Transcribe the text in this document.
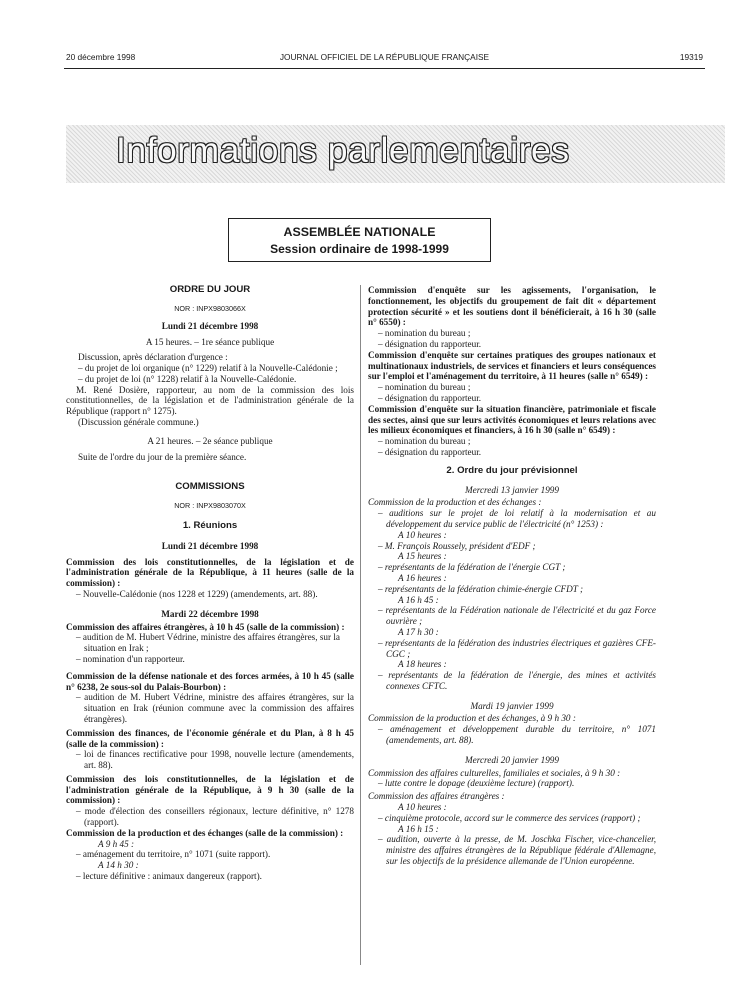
20 décembre 1998	JOURNAL OFFICIEL DE LA RÉPUBLIQUE FRANÇAISE	19319
Informations parlementaires
ASSEMBLÉE NATIONALE
Session ordinaire de 1998-1999

ORDRE DU JOUR

NOR : INPX9803066X

Lundi 21 décembre 1998

A 15 heures. – 1re séance publique

Discussion, après déclaration d'urgence :

– du projet de loi organique (n° 1229) relatif à la Nouvelle-Calédonie ;

– du projet de loi (n° 1228) relatif à la Nouvelle-Calédonie.

M. René Dosière, rapporteur, au nom de la commission des lois constitutionnelles, de la législation et de l'administration générale de la République (rapport n° 1275).

(Discussion générale commune.)

A 21 heures. – 2e séance publique

Suite de l'ordre du jour de la première séance.

COMMISSIONS

NOR : INPX9803070X

1. Réunions

Lundi 21 décembre 1998

Commission des lois constitutionnelles, de la législation et de l'administration générale de la République, à 11 heures (salle de la commission) :

– Nouvelle-Calédonie (nos 1228 et 1229) (amendements, art. 88).

Mardi 22 décembre 1998

Commission des affaires étrangères, à 10 h 45 (salle de la commission) :

– audition de M. Hubert Védrine, ministre des affaires étrangères, sur la situation en Irak ;

– nomination d'un rapporteur.

Commission de la défense nationale et des forces armées, à 10 h 45 (salle n° 6238, 2e sous-sol du Palais-Bourbon) :

– audition de M. Hubert Védrine, ministre des affaires étrangères, sur la situation en Irak (réunion commune avec la commission des affaires étrangères).

Commission des finances, de l'économie générale et du Plan, à 8 h 45 (salle de la commission) :

– loi de finances rectificative pour 1998, nouvelle lecture (amendements, art. 88).

Commission des lois constitutionnelles, de la législation et de l'administration générale de la République, à 9 h 30 (salle de la commission) :

– mode d'élection des conseillers régionaux, lecture définitive, n° 1278 (rapport).

Commission de la production et des échanges (salle de la commission) :

A 9 h 45 :

– aménagement du territoire, n° 1071 (suite rapport).

A 14 h 30 :

– lecture définitive : animaux dangereux (rapport).

Commission d'enquête sur les agissements, l'organisation, le fonctionnement, les objectifs du groupement de fait dit « département protection sécurité » et les soutiens dont il bénéficierait, à 16 h 30 (salle n° 6550) :

– nomination du bureau ;

– désignation du rapporteur.

Commission d'enquête sur certaines pratiques des groupes nationaux et multinationaux industriels, de services et financiers et leurs conséquences sur l'emploi et l'aménagement du territoire, à 11 heures (salle n° 6549) :

– nomination du bureau ;

– désignation du rapporteur.

Commission d'enquête sur la situation financière, patrimoniale et fiscale des sectes, ainsi que sur leurs activités économiques et leurs relations avec les milieux économiques et financiers, à 16 h 30 (salle n° 6549) :

– nomination du bureau ;

– désignation du rapporteur.

2. Ordre du jour prévisionnel

Mercredi 13 janvier 1999

Commission de la production et des échanges :

– auditions sur le projet de loi relatif à la modernisation et au développement du service public de l'électricité (n° 1253) :

A 10 heures :

– M. François Roussely, président d'EDF ;

A 15 heures :

– représentants de la fédération de l'énergie CGT ;

A 16 heures :

– représentants de la fédération chimie-énergie CFDT ;

A 16 h 45 :

– représentants de la Fédération nationale de l'électricité et du gaz Force ouvrière ;

A 17 h 30 :

– représentants de la fédération des industries électriques et gazières CFE-CGC ;

A 18 heures :

– représentants de la fédération de l'énergie, des mines et activités connexes CFTC.

Mardi 19 janvier 1999

Commission de la production et des échanges, à 9 h 30 :

– aménagement et développement durable du territoire, n° 1071 (amendements, art. 88).

Mercredi 20 janvier 1999

Commission des affaires culturelles, familiales et sociales, à 9 h 30 :

– lutte contre le dopage (deuxième lecture) (rapport).

Commission des affaires étrangères :

A 10 heures :

– cinquième protocole, accord sur le commerce des services (rapport) ;

A 16 h 15 :

– audition, ouverte à la presse, de M. Joschka Fischer, vice-chancelier, ministre des affaires étrangères de la République fédérale d'Allemagne, sur les objectifs de la présidence allemande de l'Union européenne.
